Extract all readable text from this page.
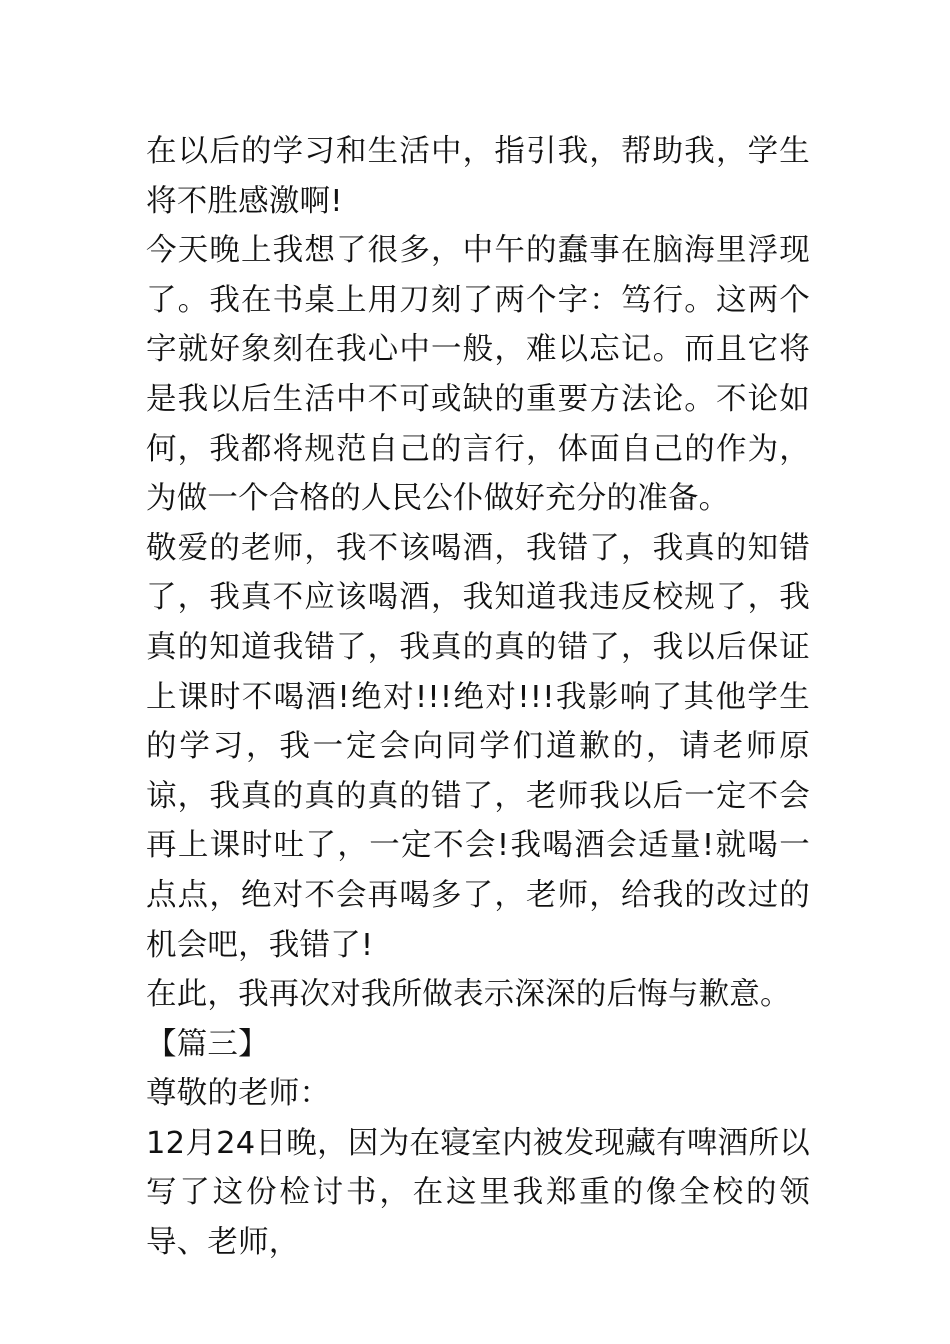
在以后的学习和生活中，指引我，帮助我，学生将不胜感激啊!

今天晚上我想了很多，中午的蠢事在脑海里浮现了。我在书桌上用刀刻了两个字：笃行。这两个字就好象刻在我心中一般，难以忘记。而且它将是我以后生活中不可或缺的重要方法论。不论如何，我都将规范自己的言行，体面自己的作为，为做一个合格的人民公仆做好充分的准备。

敬爱的老师，我不该喝酒，我错了，我真的知错了，我真不应该喝酒，我知道我违反校规了，我真的知道我错了，我真的真的错了，我以后保证上课时不喝酒!绝对!!!绝对!!!我影响了其他学生的学习，我一定会向同学们道歉的，请老师原谅，我真的真的真的错了，老师我以后一定不会再上课时吐了，一定不会!我喝酒会适量!就喝一点点，绝对不会再喝多了，老师，给我的改过的机会吧，我错了!

在此，我再次对我所做表示深深的后悔与歉意。

【篇三】

尊敬的老师：

12月24日晚，因为在寝室内被发现藏有啤酒所以写了这份检讨书，在这里我郑重的像全校的领导、老师，
